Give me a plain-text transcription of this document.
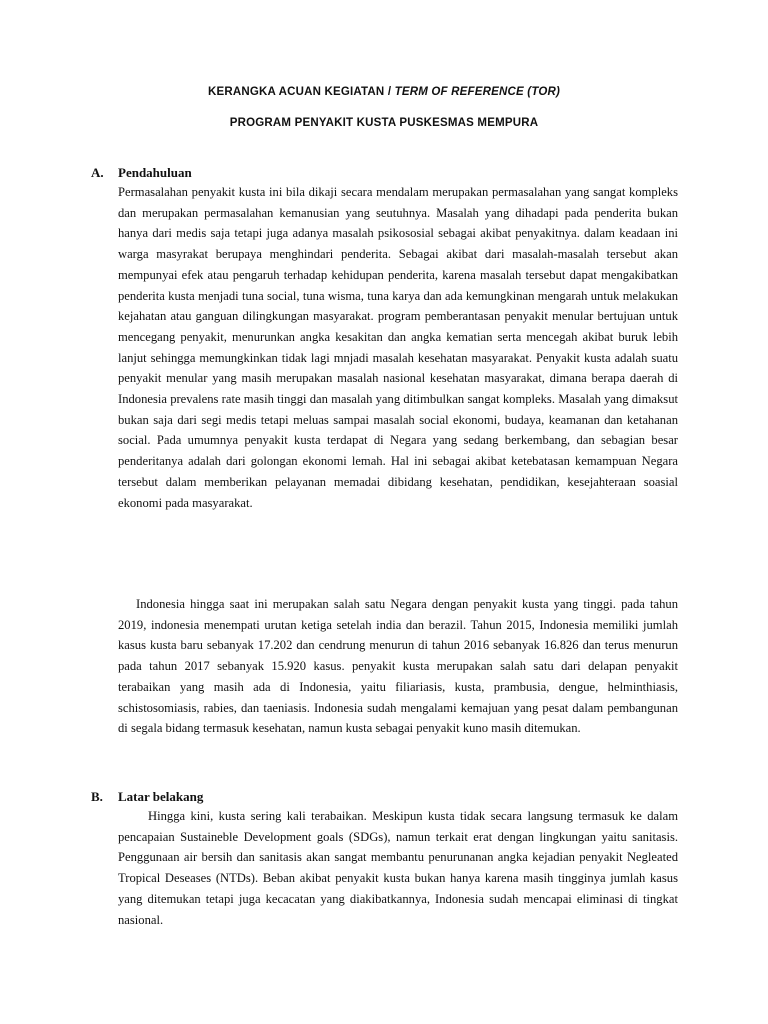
KERANGKA ACUAN KEGIATAN / TERM OF REFERENCE (TOR)
PROGRAM PENYAKIT KUSTA PUSKESMAS MEMPURA
A. Pendahuluan

Permasalahan penyakit kusta ini bila dikaji secara mendalam merupakan permasalahan yang sangat kompleks dan merupakan permasalahan kemanusian yang seutuhnya. Masalah yang dihadapi pada penderita bukan hanya dari medis saja tetapi juga adanya masalah psikososial sebagai akibat penyakitnya. dalam keadaan ini warga masyrakat berupaya menghindari penderita. Sebagai akibat dari masalah-masalah tersebut akan mempunyai efek atau pengaruh terhadap kehidupan penderita, karena masalah tersebut dapat mengakibatkan penderita kusta menjadi tuna social, tuna wisma, tuna karya dan ada kemungkinan mengarah untuk melakukan kejahatan atau ganguan dilingkungan masyarakat. program pemberantasan penyakit menular bertujuan untuk mencegang penyakit, menurunkan angka kesakitan dan angka kematian serta mencegah akibat buruk lebih lanjut sehingga memungkinkan tidak lagi mnjadi masalah kesehatan masyarakat. Penyakit kusta adalah suatu penyakit menular yang masih merupakan masalah nasional kesehatan masyarakat, dimana berapa daerah di Indonesia prevalens rate masih tinggi dan masalah yang ditimbulkan sangat kompleks. Masalah yang dimaksut bukan saja dari segi medis tetapi meluas sampai masalah social ekonomi, budaya, keamanan dan ketahanan social. Pada umumnya penyakit kusta terdapat di Negara yang sedang berkembang, dan sebagian besar penderitanya adalah dari golongan ekonomi lemah. Hal ini sebagai akibat ketebatasan kemampuan Negara tersebut dalam memberikan pelayanan memadai dibidang kesehatan, pendidikan, kesejahteraan soasial ekonomi pada masyarakat.

Indonesia hingga saat ini merupakan salah satu Negara dengan penyakit kusta yang tinggi. pada tahun 2019, indonesia menempati urutan ketiga setelah india dan berazil. Tahun 2015, Indonesia memiliki jumlah kasus kusta baru sebanyak 17.202 dan cendrung menurun di tahun 2016 sebanyak 16.826 dan terus menurun pada tahun 2017 sebanyak 15.920 kasus. penyakit kusta merupakan salah satu dari delapan penyakit terabaikan yang masih ada di Indonesia, yaitu filiariasis, kusta, prambusia, dengue, helminthiasis, schistosomiasis, rabies, dan taeniasis. Indonesia sudah mengalami kemajuan yang pesat dalam pembangunan di segala bidang termasuk kesehatan, namun kusta sebagai penyakit kuno masih ditemukan.

B. Latar belakang

Hingga kini, kusta sering kali terabaikan. Meskipun kusta tidak secara langsung termasuk ke dalam pencapaian Sustaineble Development goals (SDGs), namun terkait erat dengan lingkungan yaitu sanitasis. Penggunaan air bersih dan sanitasis akan sangat membantu penurunanan angka kejadian penyakit Negleated Tropical Deseases (NTDs). Beban akibat penyakit kusta bukan hanya karena masih tingginya jumlah kasus yang ditemukan tetapi juga kecacatan yang diakibatkannya, Indonesia sudah mencapai eliminasi di tingkat nasional.
